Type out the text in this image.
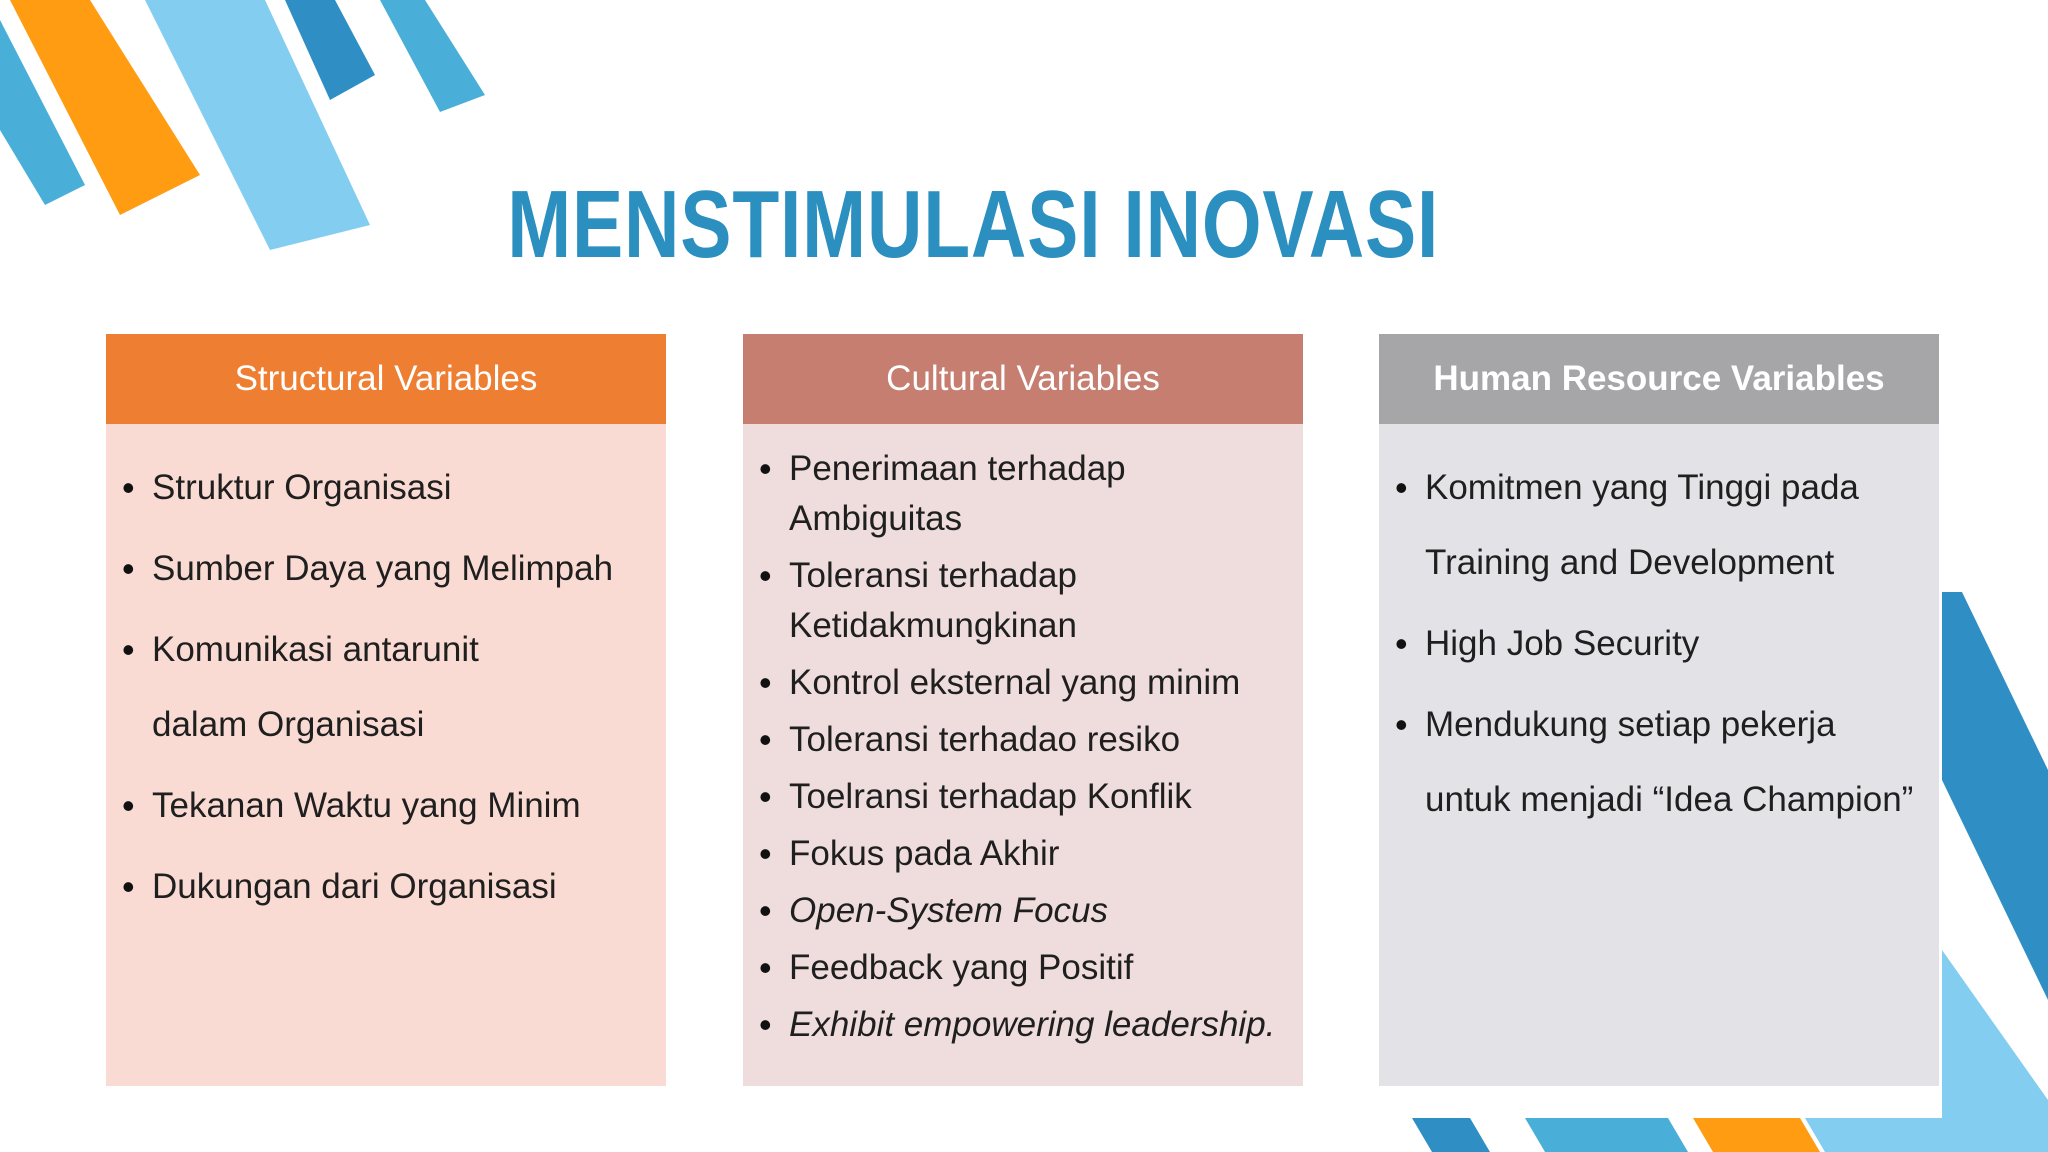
MENSTIMULASI INOVASI
Structural Variables
• Struktur Organisasi
• Sumber Daya yang Melimpah
• Komunikasi antarunit dalam Organisasi
• Tekanan Waktu yang Minim
• Dukungan dari Organisasi
Cultural Variables
• Penerimaan terhadap Ambiguitas
• Toleransi terhadap Ketidakmungkinan
• Kontrol eksternal yang minim
• Toleransi terhadao resiko
• Toelransi terhadap Konflik
• Fokus pada Akhir
• Open-System Focus
• Feedback yang Positif
• Exhibit empowering leadership.
Human Resource Variables
• Komitmen yang Tinggi pada Training and Development
• High Job Security
• Mendukung setiap pekerja untuk menjadi “Idea Champion”
